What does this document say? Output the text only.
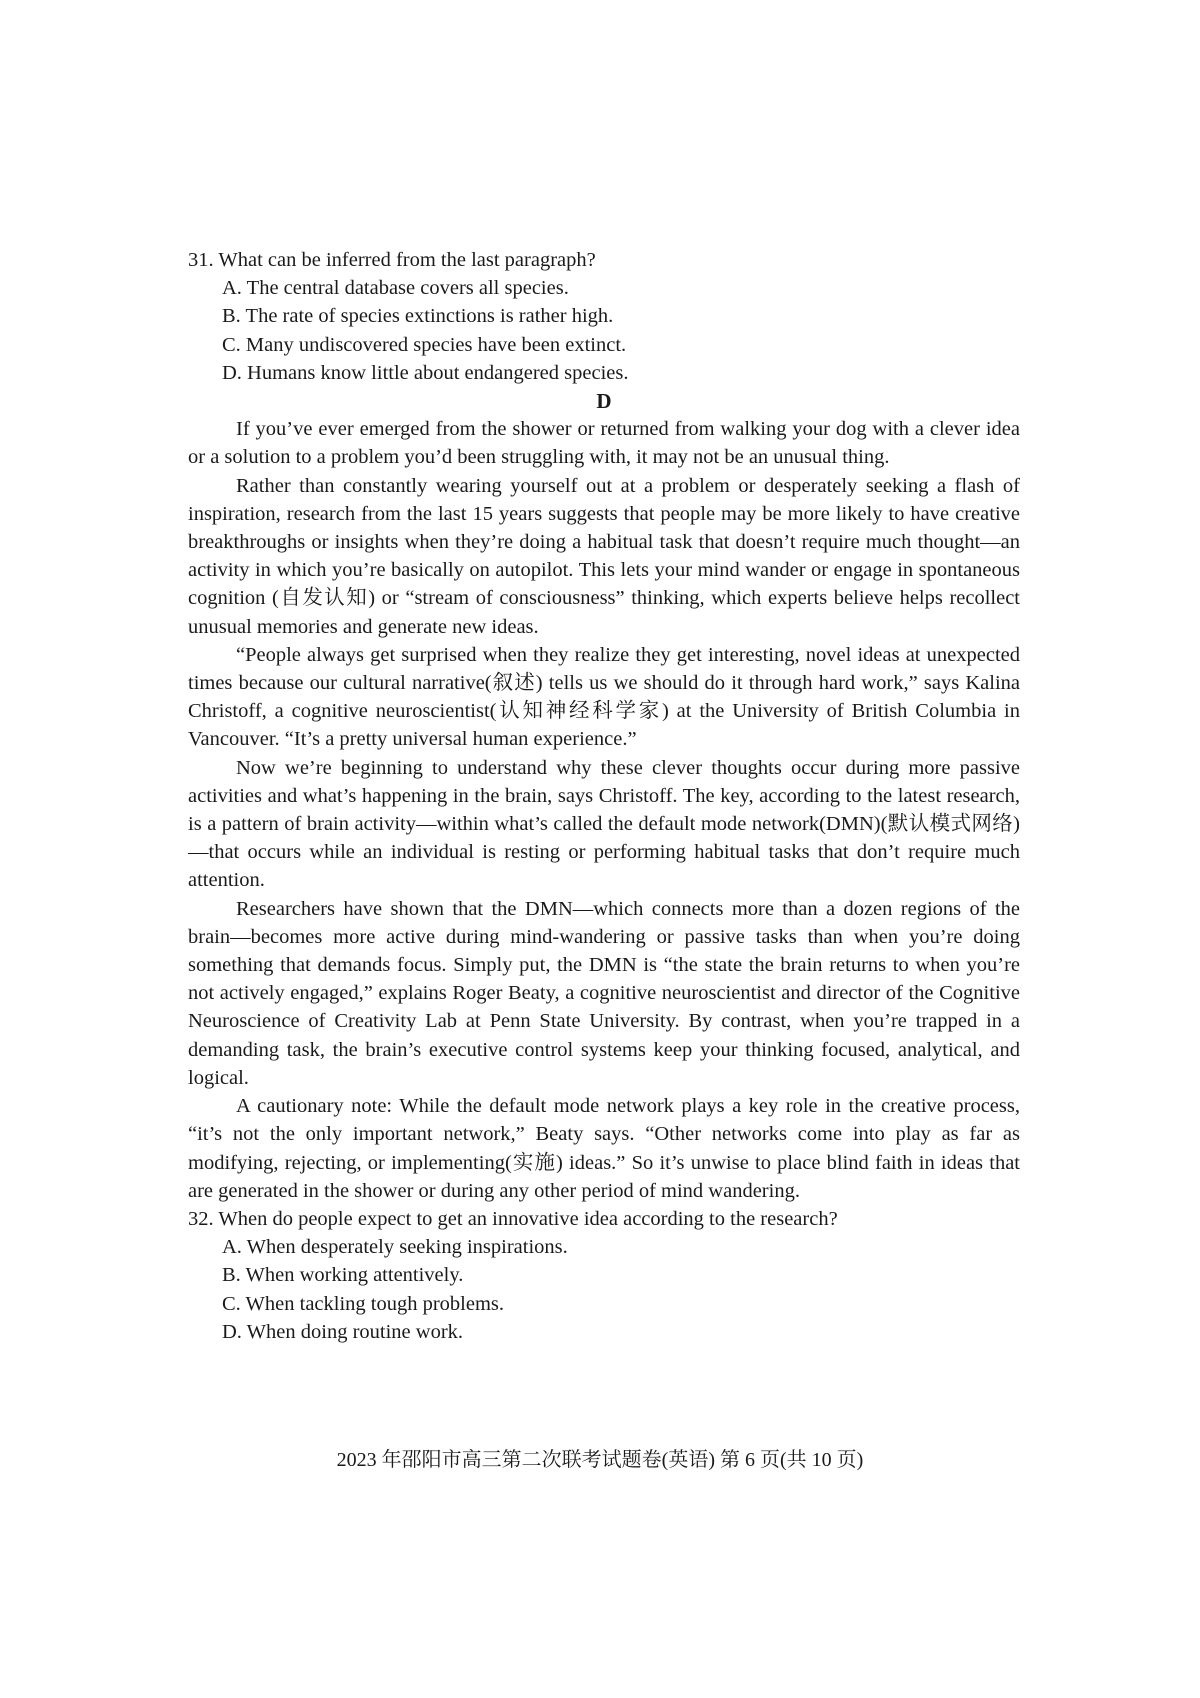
31. What can be inferred from the last paragraph?

A. The central database covers all species.
B. The rate of species extinctions is rather high.
C. Many undiscovered species have been extinct.
D. Humans know little about endangered species.

D

If you’ve ever emerged from the shower or returned from walking your dog with a clever idea or a solution to a problem you’d been struggling with, it may not be an unusual thing.

Rather than constantly wearing yourself out at a problem or desperately seeking a flash of inspiration, research from the last 15 years suggests that people may be more likely to have creative breakthroughs or insights when they’re doing a habitual task that doesn’t require much thought—an activity in which you’re basically on autopilot. This lets your mind wander or engage in spontaneous cognition (自发认知) or “stream of consciousness” thinking, which experts believe helps recollect unusual memories and generate new ideas.

“People always get surprised when they realize they get interesting, novel ideas at unexpected times because our cultural narrative(叙述) tells us we should do it through hard work,” says Kalina Christoff, a cognitive neuroscientist(认知神经科学家) at the University of British Columbia in Vancouver. “It’s a pretty universal human experience.”

Now we’re beginning to understand why these clever thoughts occur during more passive activities and what’s happening in the brain, says Christoff. The key, according to the latest research, is a pattern of brain activity—within what’s called the default mode network(DMN)(默认模式网络)—that occurs while an individual is resting or performing habitual tasks that don’t require much attention.

Researchers have shown that the DMN—which connects more than a dozen regions of the brain—becomes more active during mind-wandering or passive tasks than when you’re doing something that demands focus. Simply put, the DMN is “the state the brain returns to when you’re not actively engaged,” explains Roger Beaty, a cognitive neuroscientist and director of the Cognitive Neuroscience of Creativity Lab at Penn State University. By contrast, when you’re trapped in a demanding task, the brain’s executive control systems keep your thinking focused, analytical, and logical.

A cautionary note: While the default mode network plays a key role in the creative process, “it’s not the only important network,” Beaty says. “Other networks come into play as far as modifying, rejecting, or implementing(实施) ideas.” So it’s unwise to place blind faith in ideas that are generated in the shower or during any other period of mind wandering.

32. When do people expect to get an innovative idea according to the research?

A. When desperately seeking inspirations.
B. When working attentively.
C. When tackling tough problems.
D. When doing routine work.
2023 年邵阳市高三第二次联考试题卷(英语) 第 6 页(共 10 页)
